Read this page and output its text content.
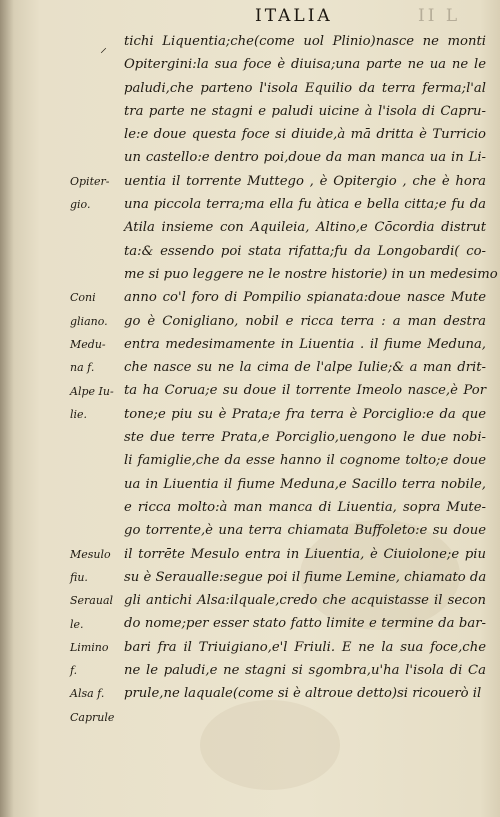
ITALIA	II L
⸝ tichi Liquentia;che(come uol Plinio)nasce ne monti
Opitergini:la sua foce è diuisa;una parte ne ua ne le
paludi,che parteno l'isola Equilio da terra ferma;l'al
tra parte ne stagni e paludi uicine à l'isola di Capru-
le:e doue questa foce si diuide,à mā dritta è Turricio
un castello:e dentro poi,doue da man manca ua in Li-
uentia il torrente Muttego , è Opitergio , che è hora
una piccola terra;ma ella fu àtica e bella citta;e fu da
Atila insieme con Aquileia, Altino,e Cōcordia distrut
ta:& essendo poi stata rifatta;fu da Longobardi( co-
me si puo leggere ne le nostre historie) in un medesimo
anno co'l foro di Pompilio spianata:doue nasce Mute
go è Conigliano, nobil e ricca terra : a man destra
entra medesimamente in Liuentia . il fiume Meduna,
che nasce su ne la cima de l'alpe Iulie;& a man drit-
ta ha Corua;e su doue il torrente Imeolo nasce,è Por
tone;e piu su è Prata;e fra terra è Porciglio:e da que
ste due terre Prata,e Porciglio,uengono le due nobi-
li famiglie,che da esse hanno il cognome tolto;e doue
ua in Liuentia il fiume Meduna,e Sacillo terra nobile,
e ricca molto:à man manca di Liuentia, sopra Mute-
go torrente,è una terra chiamata Buffoleto:e su doue
il torrēte Mesulo entra in Liuentia, è Ciuiolone;e piu
su è Seraualle:segue poi il fiume Lemine, chiamato da
gli antichi Alsa:ilquale,credo che acquistasse il secon
do nome;per esser stato fatto limite e termine da bar-
bari fra il Triuigiano,e'l Friuli. E ne la sua foce,che
ne le paludi,e ne stagni si sgombra,u'ha l'isola di Ca
prule,ne laquale(come si è altroue detto)si ricouerò il
Opiter-
gio.
Coni
gliano.
Medu-
na f.
Alpe Iu-
lie.
Mesulo
fiu.
Seraual
le.
Limino
f.
Alsa f.
Caprule
